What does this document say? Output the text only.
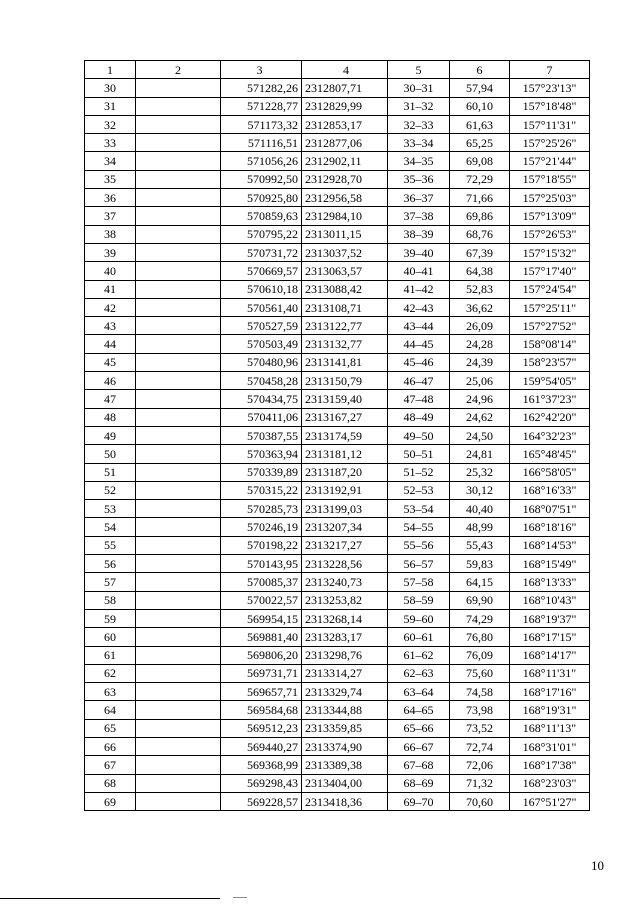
1	2	3	4	5	6	7
30		571282,26	2312807,71	30–31	57,94	157°23'13"
31		571228,77	2312829,99	31–32	60,10	157°18'48"
32		571173,32	2312853,17	32–33	61,63	157°11'31"
33		571116,51	2312877,06	33–34	65,25	157°25'26"
34		571056,26	2312902,11	34–35	69,08	157°21'44"
35		570992,50	2312928,70	35–36	72,29	157°18'55"
36		570925,80	2312956,58	36–37	71,66	157°25'03"
37		570859,63	2312984,10	37–38	69,86	157°13'09"
38		570795,22	2313011,15	38–39	68,76	157°26'53"
39		570731,72	2313037,52	39–40	67,39	157°15'32"
40		570669,57	2313063,57	40–41	64,38	157°17'40"
41		570610,18	2313088,42	41–42	52,83	157°24'54"
42		570561,40	2313108,71	42–43	36,62	157°25'11"
43		570527,59	2313122,77	43–44	26,09	157°27'52"
44		570503,49	2313132,77	44–45	24,28	158°08'14"
45		570480,96	2313141,81	45–46	24,39	158°23'57"
46		570458,28	2313150,79	46–47	25,06	159°54'05"
47		570434,75	2313159,40	47–48	24,96	161°37'23"
48		570411,06	2313167,27	48–49	24,62	162°42'20"
49		570387,55	2313174,59	49–50	24,50	164°32'23"
50		570363,94	2313181,12	50–51	24,81	165°48'45"
51		570339,89	2313187,20	51–52	25,32	166°58'05"
52		570315,22	2313192,91	52–53	30,12	168°16'33"
53		570285,73	2313199,03	53–54	40,40	168°07'51"
54		570246,19	2313207,34	54–55	48,99	168°18'16"
55		570198,22	2313217,27	55–56	55,43	168°14'53"
56		570143,95	2313228,56	56–57	59,83	168°15'49"
57		570085,37	2313240,73	57–58	64,15	168°13'33"
58		570022,57	2313253,82	58–59	69,90	168°10'43"
59		569954,15	2313268,14	59–60	74,29	168°19'37"
60		569881,40	2313283,17	60–61	76,80	168°17'15"
61		569806,20	2313298,76	61–62	76,09	168°14'17"
62		569731,71	2313314,27	62–63	75,60	168°11'31"
63		569657,71	2313329,74	63–64	74,58	168°17'16"
64		569584,68	2313344,88	64–65	73,98	168°19'31"
65		569512,23	2313359,85	65–66	73,52	168°11'13"
66		569440,27	2313374,90	66–67	72,74	168°31'01"
67		569368,99	2313389,38	67–68	72,06	168°17'38"
68		569298,43	2313404,00	68–69	71,32	168°23'03"
69		569228,57	2313418,36	69–70	70,60	167°51'27"
10
